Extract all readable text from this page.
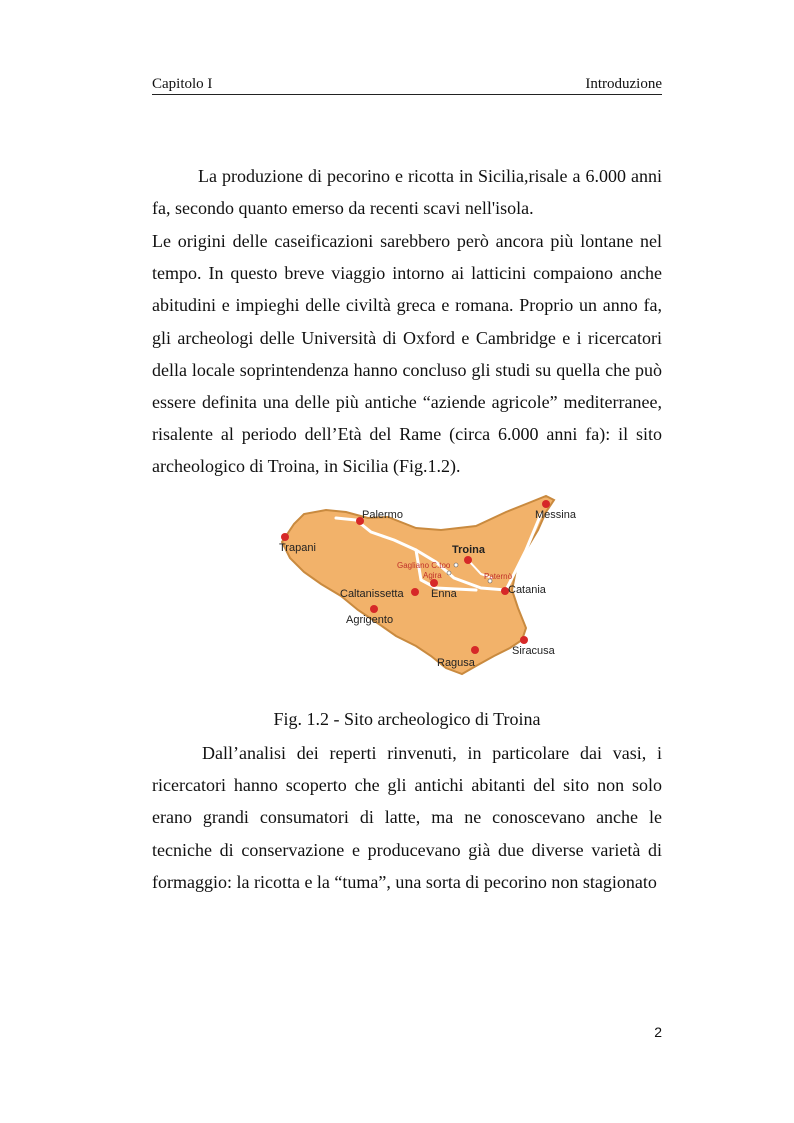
Capitolo I	Introduzione

La produzione di pecorino e ricotta in Sicilia,risale a 6.000 anni fa, secondo quanto emerso da recenti scavi nell'isola.

Le origini delle caseificazioni sarebbero però ancora più lontane nel tempo. In questo breve viaggio intorno ai latticini compaiono anche abitudini e impieghi delle civiltà greca e romana. Proprio un anno fa, gli archeologi delle Università di Oxford e Cambridge e i ricercatori della locale soprintendenza hanno concluso gli studi su quella che può essere definita una delle più antiche “aziende agricole” mediterranee, risalente al periodo dell’Età del Rame (circa 6.000 anni fa): il sito archeologico di Troina, in Sicilia (Fig.1.2).

Palermo	Messina
Trapani	Troina
Gagliano C.too
Agira	Paternò
Catania
Caltanissetta Enna
Agrigento
Siracusa
Ragusa
Fig. 1.2 - Sito archeologico di Troina

Dall’analisi dei reperti rinvenuti, in particolare dai vasi, i ricercatori hanno scoperto che gli antichi abitanti del sito non solo erano grandi consumatori di latte, ma ne conoscevano anche le tecniche di conservazione e producevano già due diverse varietà di formaggio: la ricotta e la “tuma”, una sorta di pecorino non stagionato

2
